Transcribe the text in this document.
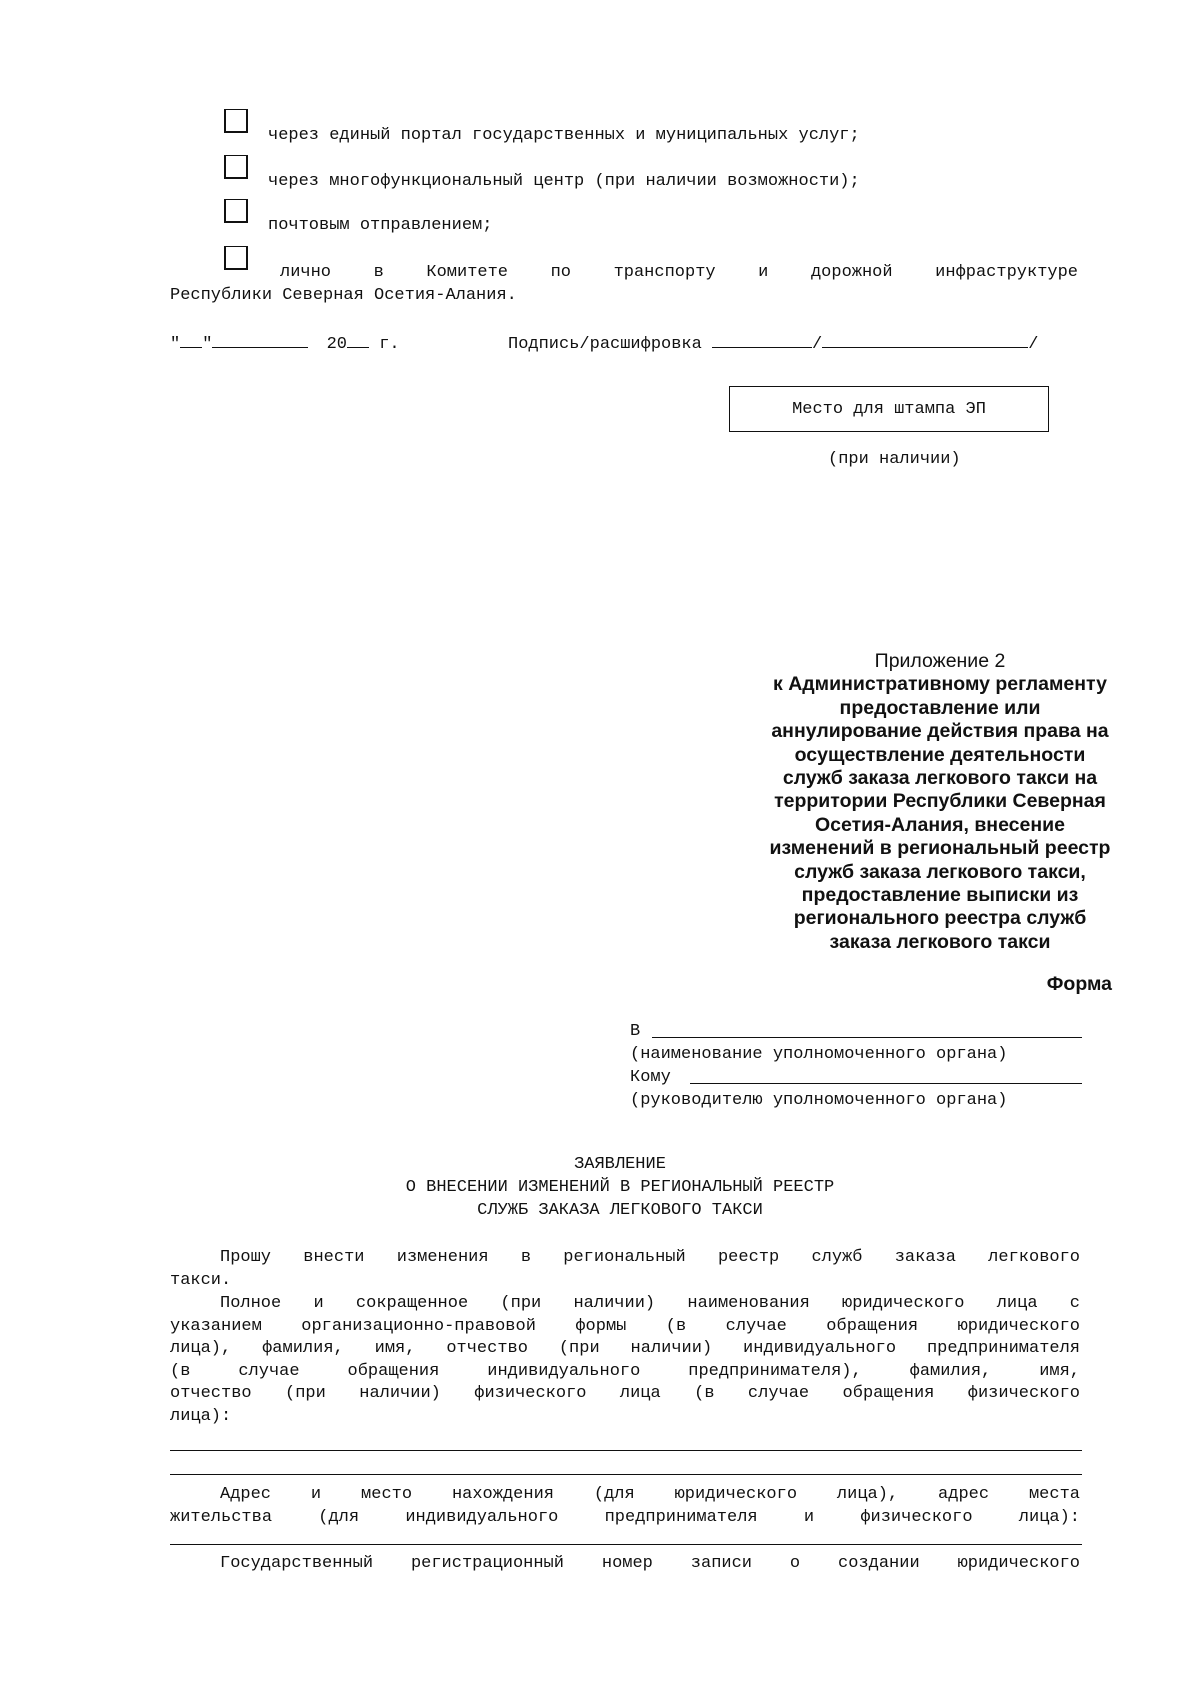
через единый портал государственных и муниципальных услуг;
через многофункциональный центр (при наличии возможности);
почтовым отправлением;
лично в Комитете по транспорту и дорожной инфраструктуре
Республики Северная Осетия-Алания.
" "	20 г.	Подпись/расшифровка	/	/
Место для штампа ЭП
(при наличии)
Приложение 2
к Административному регламенту
предоставление или
аннулирование действия права на
осуществление деятельности
служб заказа легкового такси на
территории Республики Северная
Осетия-Алания, внесение
изменений в региональный реестр
служб заказа легкового такси,
предоставление выписки из
регионального реестра служб
заказа легкового такси
Форма
В
(наименование уполномоченного органа)
Кому
(руководителю уполномоченного органа)
ЗАЯВЛЕНИЕ
О ВНЕСЕНИИ ИЗМЕНЕНИЙ В РЕГИОНАЛЬНЫЙ РЕЕСТР
СЛУЖБ ЗАКАЗА ЛЕГКОВОГО ТАКСИ
Прошу внести изменения в региональный реестр служб заказа легкового
такси.
Полное и сокращенное (при наличии) наименования юридического лица с
указанием организационно-правовой формы (в случае обращения юридического
лица), фамилия, имя, отчество (при наличии) индивидуального предпринимателя
(в случае обращения индивидуального предпринимателя), фамилия, имя,
отчество (при наличии) физического лица (в случае обращения физического
лица):
Адрес и место нахождения (для юридического лица), адрес места
жительства (для индивидуального предпринимателя и физического лица):
Государственный регистрационный номер записи о создании юридического
